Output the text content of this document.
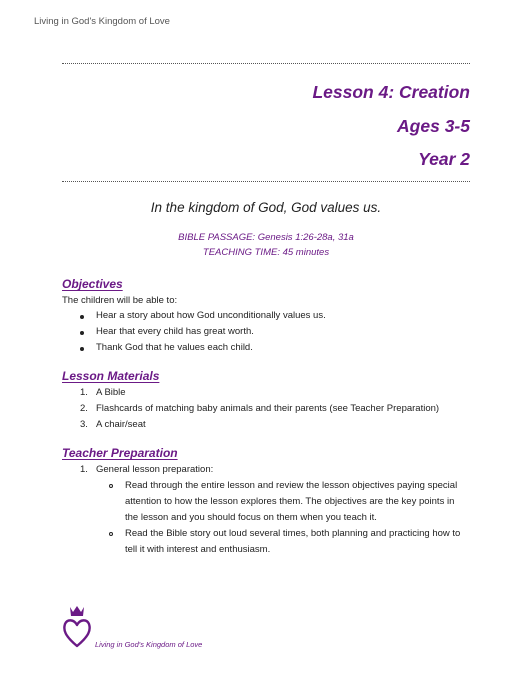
Living in God's Kingdom of Love
Lesson 4: Creation
Ages 3-5
Year 2
In the kingdom of God, God values us.
BIBLE PASSAGE: Genesis 1:26-28a, 31a
TEACHING TIME: 45 minutes
Objectives
The children will be able to:
Hear a story about how God unconditionally values us.
Hear that every child has great worth.
Thank God that he values each child.
Lesson Materials
1. A Bible
2. Flashcards of matching baby animals and their parents (see Teacher Preparation)
3. A chair/seat
Teacher Preparation
1. General lesson preparation:
Read through the entire lesson and review the lesson objectives paying special
attention to how the lesson explores them. The objectives are the key points in
the lesson and you should focus on them when you teach it.
Read the Bible story out loud several times, both planning and practicing how to
tell it with interest and enthusiasm.
Living in God's Kingdom of Love
